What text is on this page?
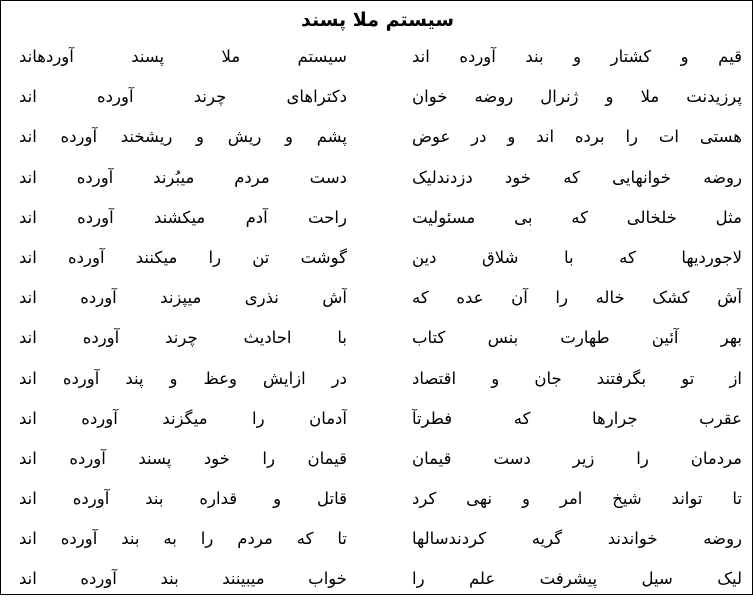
سیستم ملا پسند
قیم و کشتار و بند آورده اند
سیستم ملا پسند آوردهاند
پرزیدنت ملا و ژنرال روضه خوان
دکتراهای چرند آورده اند
هستی ات را برده اند و در عوض
پشم و ریش و ریشخند آورده اند
روضه خوانهایی که خود دزدندلیک
دست مردم میبُرند آورده اند
مثل خلخالی که بی مسئولیت
راحت آدم میکشند آورده اند
لاجوردیها که با شلاق دین
گوشت تن را میکنند آورده اند
آش کشک خاله را آن عده که
آش نذری میپزند آورده اند
بهر آئین طهارت بنس کتاب
با احادیث چرند آورده اند
از تو بگرفتند جان و اقتصاد
در ازایش وعظ و پند آورده اند
عقرب جرارها که فطرتآ
آدمان را میگزند آورده اند
مردمان را زیر دست قیمان
قیمان را خود پسند آورده اند
تا تواند شیخ امر و نهی کرد
قاتل و قداره بند آورده اند
روضه خواندند گریه کردندسالها
تا که مردم را به بند آورده اند
لیک سیل پیشرفت علم را
خواب میبینند بند آورده اند
